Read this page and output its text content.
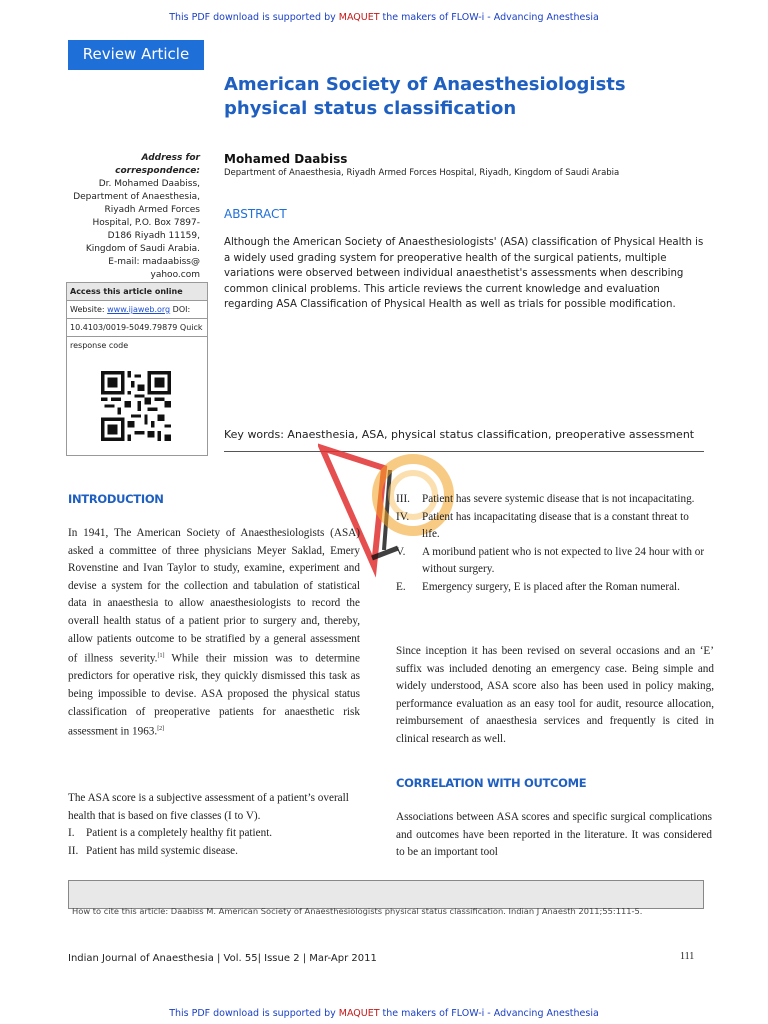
This PDF download is supported by MAQUET the makers of FLOW-i - Advancing Anesthesia
Review Article
American Society of Anaesthesiologists physical status classification
Mohamed Daabiss
Department of Anaesthesia, Riyadh Armed Forces Hospital, Riyadh, Kingdom of Saudi Arabia
Address for correspondence:
Dr. Mohamed Daabiss,
Department of Anaesthesia,
Riyadh Armed Forces
Hospital, P.O. Box 7897-
D186 Riyadh 11159,
Kingdom of Saudi Arabia.
E-mail: madaabiss@
yahoo.com
Access this article online
Website: www.ijaweb.org DOI:
10.4103/0019-5049.79879 Quick
response code
ABSTRACT
Although the American Society of Anaesthesiologists' (ASA) classification of Physical Health is a widely used grading system for preoperative health of the surgical patients, multiple variations were observed between individual anaesthetist's assessments when describing common clinical problems. This article reviews the current knowledge and evaluation regarding ASA Classification of Physical Health as well as trials for possible modification.
Key words: Anaesthesia, ASA, physical status classification, preoperative assessment
INTRODUCTION
In 1941, The American Society of Anaesthesiologists (ASA) asked a committee of three physicians Meyer Saklad, Emery Rovenstine and Ivan Taylor to study, examine, experiment and devise a system for the collection and tabulation of statistical data in anaesthesia to allow anaesthesiologists to record the overall health status of a patient prior to surgery and, thereby, allow patients outcome to be stratified by a general assessment of illness severity.[1] While their mission was to determine predictors for operative risk, they quickly dismissed this task as being impossible to devise. ASA proposed the physical status classification of preoperative patients for anaesthetic risk assessment in 1963.[2]
The ASA score is a subjective assessment of a patient’s overall health that is based on five classes (I to V).
I. Patient is a completely healthy fit patient.
II. Patient has mild systemic disease.
III. Patient has severe systemic disease that is not incapacitating.
IV. Patient has incapacitating disease that is a constant threat to life.
V. A moribund patient who is not expected to live 24 hour with or without surgery.
E. Emergency surgery, E is placed after the Roman numeral.
Since inception it has been revised on several occasions and an ‘E’ suffix was included denoting an emergency case. Being simple and widely understood, ASA score also has been used in policy making, performance evaluation as an easy tool for audit, resource allocation, reimbursement of anaesthesia services and frequently is cited in clinical research as well.
CORRELATION WITH OUTCOME
Associations between ASA scores and specific surgical complications and outcomes have been reported in the literature. It was considered to be an important tool
How to cite this article: Daabiss M. American Society of Anaesthesiologists physical status classification. Indian J Anaesth 2011;55:111-5.
Indian Journal of Anaesthesia | Vol. 55| Issue 2 | Mar-Apr 2011	111
This PDF download is supported by MAQUET the makers of FLOW-i - Advancing Anesthesia
